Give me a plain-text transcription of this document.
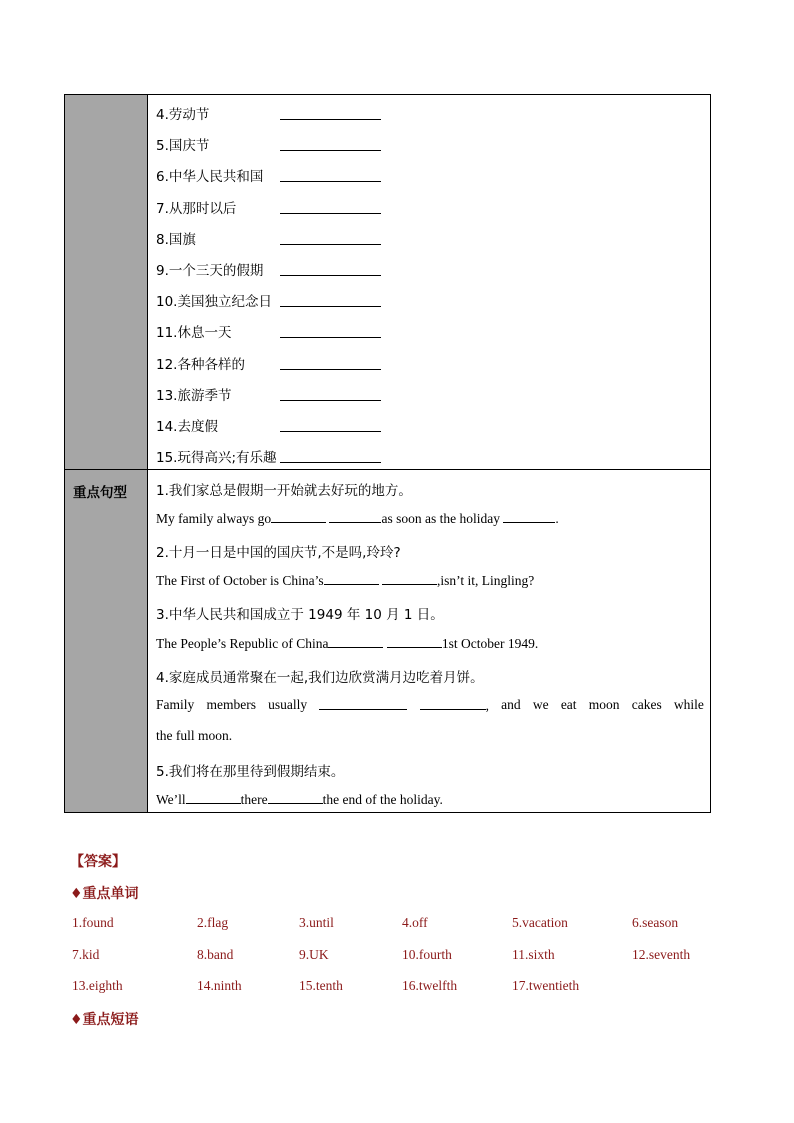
重点句型
4.劳动节
5.国庆节
6.中华人民共和国
7.从那时以后
8.国旗
9.一个三天的假期
10.美国独立纪念日
11.休息一天
12.各种各样的
13.旅游季节
14.去度假
15.玩得高兴;有乐趣
1.我们家总是假期一开始就去好玩的地方。
My family always go	as soon as the holiday	.
2.十月一日是中国的国庆节,不是吗,玲玲?
The First of October is China’s	,isn’t it, Lingling?
3.中华人民共和国成立于 1949 年 10 月 1 日。
The People’s Republic of China	1st October 1949.
4.家庭成员通常聚在一起,我们边欣赏满月边吃着月饼。
Family members usually	, and we eat moon cakes while
the full moon.
5.我们将在那里待到假期结束。
We’ll	there	the end of the holiday.
【答案】
♦重点单词
1.found	2.flag	3.until	4.off	5.vacation	6.season
7.kid	8.band	9.UK	10.fourth	11.sixth	12.seventh
13.eighth	14.ninth	15.tenth	16.twelfth	17.twentieth
♦重点短语
